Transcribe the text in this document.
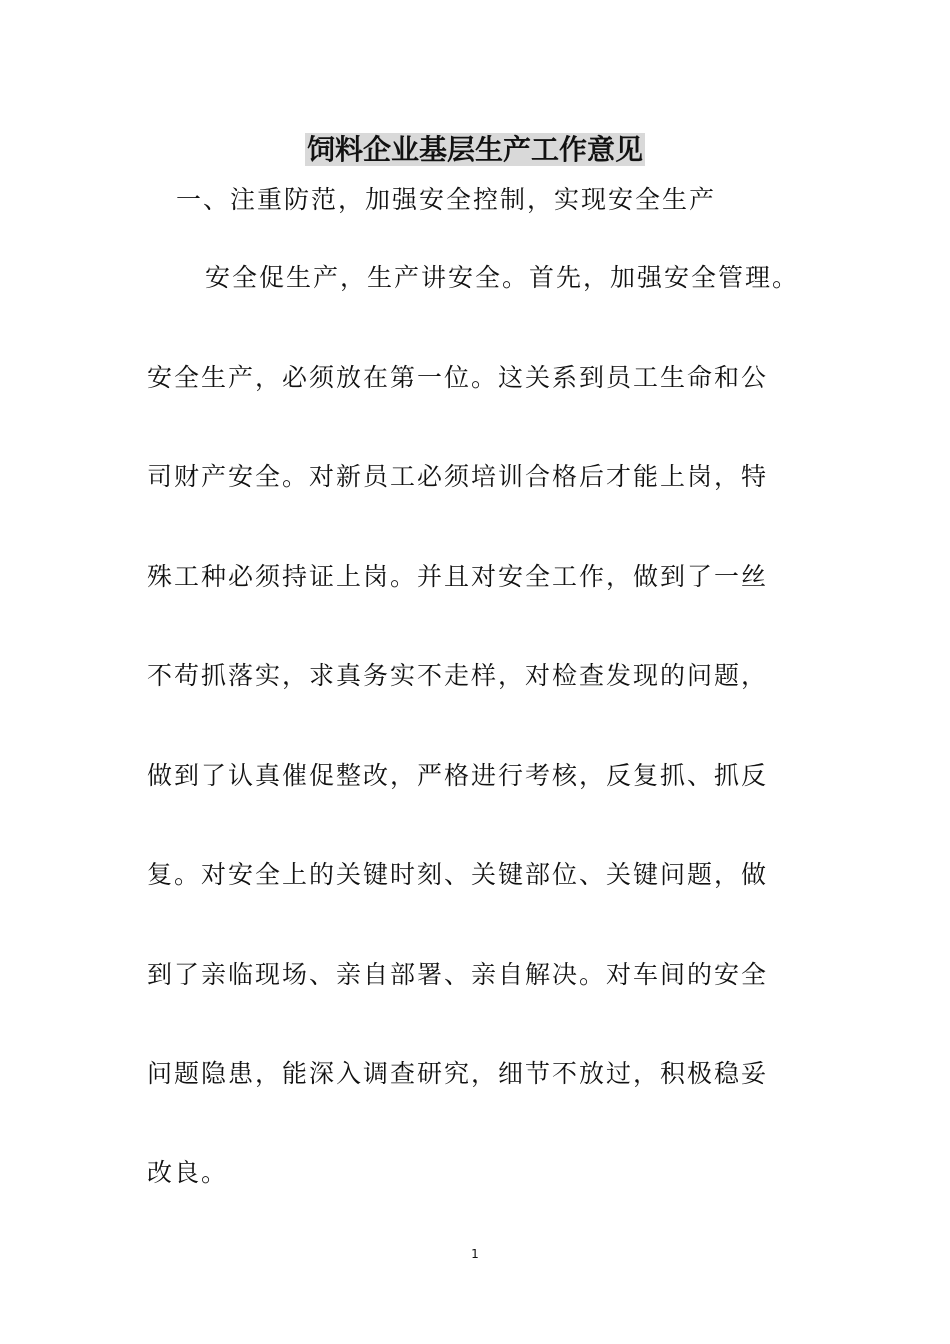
饲料企业基层生产工作意见
一、注重防范，加强安全控制，实现安全生产
安全促生产，生产讲安全。首先，加强安全管理。
安全生产，必须放在第一位。这关系到员工生命和公
司财产安全。对新员工必须培训合格后才能上岗，特
殊工种必须持证上岗。并且对安全工作，做到了一丝
不苟抓落实，求真务实不走样，对检查发现的问题，
做到了认真催促整改，严格进行考核，反复抓、抓反
复。对安全上的关键时刻、关键部位、关键问题，做
到了亲临现场、亲自部署、亲自解决。对车间的安全
问题隐患，能深入调查研究，细节不放过，积极稳妥
改良。
1
